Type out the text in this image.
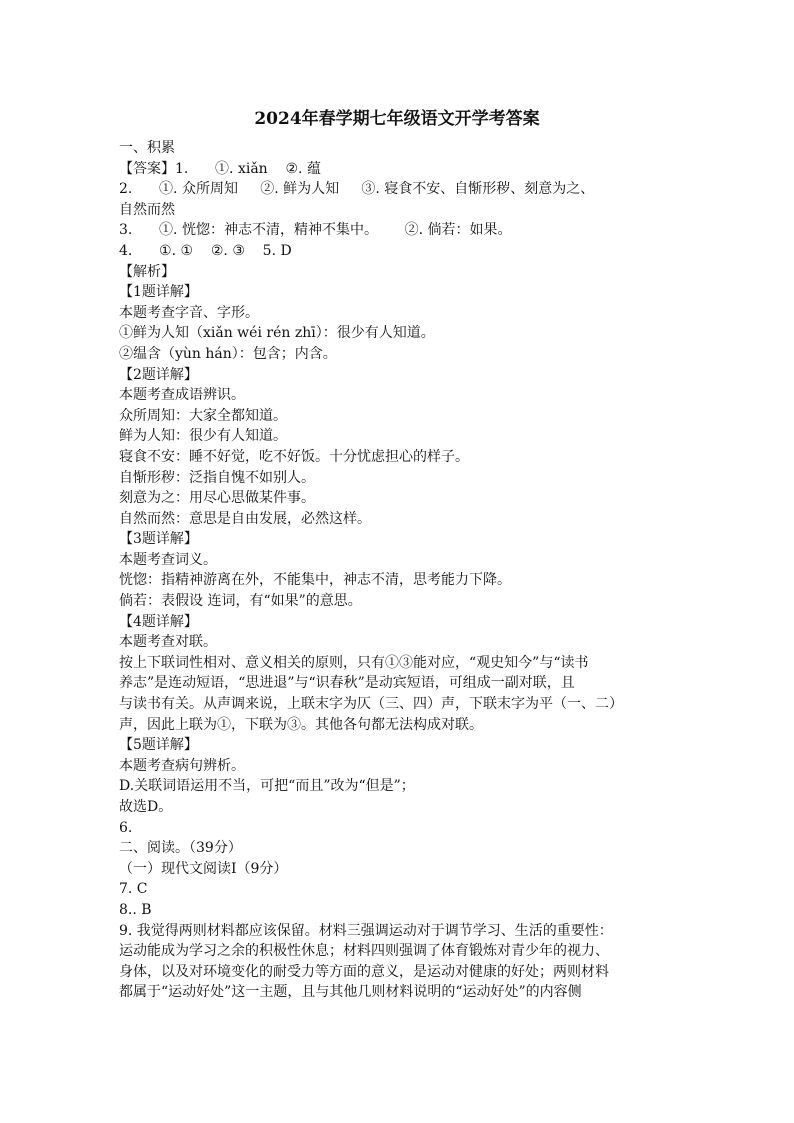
2024年春学期七年级语文开学考答案
一、积累
【答案】1.      ①. xiǎn    ②. 蕴
2.      ①. 众所周知     ②. 鲜为人知     ③. 寝食不安、自惭形秽、刻意为之、
自然而然
3.      ①. 恍惚：神志不清，精神不集中。      ②. 倘若：如果。
4.      ①. ①    ②. ③    5. D
【解析】
【1题详解】
本题考查字音、字形。
①鲜为人知（xiǎn wéi rén zhī）：很少有人知道。
②缊含（yùn hán）：包含；内含。
【2题详解】
本题考查成语辨识。
众所周知：大家全都知道。
鲜为人知：很少有人知道。
寝食不安：睡不好觉，吃不好饭。十分忧虑担心的样子。
自惭形秽：泛指自愧不如别人。
刻意为之：用尽心思做某件事。
自然而然：意思是自由发展，必然这样。
【3题详解】
本题考查词义。
恍惚：指精神游离在外，不能集中，神志不清，思考能力下降。
倘若：表假设 连词，有“如果”的意思。
【4题详解】
本题考查对联。
按上下联词性相对、意义相关的原则，只有①③能对应，“观史知今”与“读书
养志”是连动短语，“思进退”与“识春秋”是动宾短语，可组成一副对联，且
与读书有关。从声调来说，上联末字为仄（三、四）声，下联末字为平（一、二）
声，因此上联为①，下联为③。其他各句都无法构成对联。
【5题详解】
本题考查病句辨析。
D.关联词语运用不当，可把“而且”改为“但是”；
故选D。
6.
二、阅读。（39分）
（一）现代文阅读Ⅰ（9分）
7. C
8.. B
9. 我觉得两则材料都应该保留。材料三强调运动对于调节学习、生活的重要性：
运动能成为学习之余的积极性休息；材料四则强调了体育锻炼对青少年的视力、
身体，以及对环境变化的耐受力等方面的意义，是运动对健康的好处；两则材料
都属于“运动好处”这一主题，且与其他几则材料说明的“运动好处”的内容侧
